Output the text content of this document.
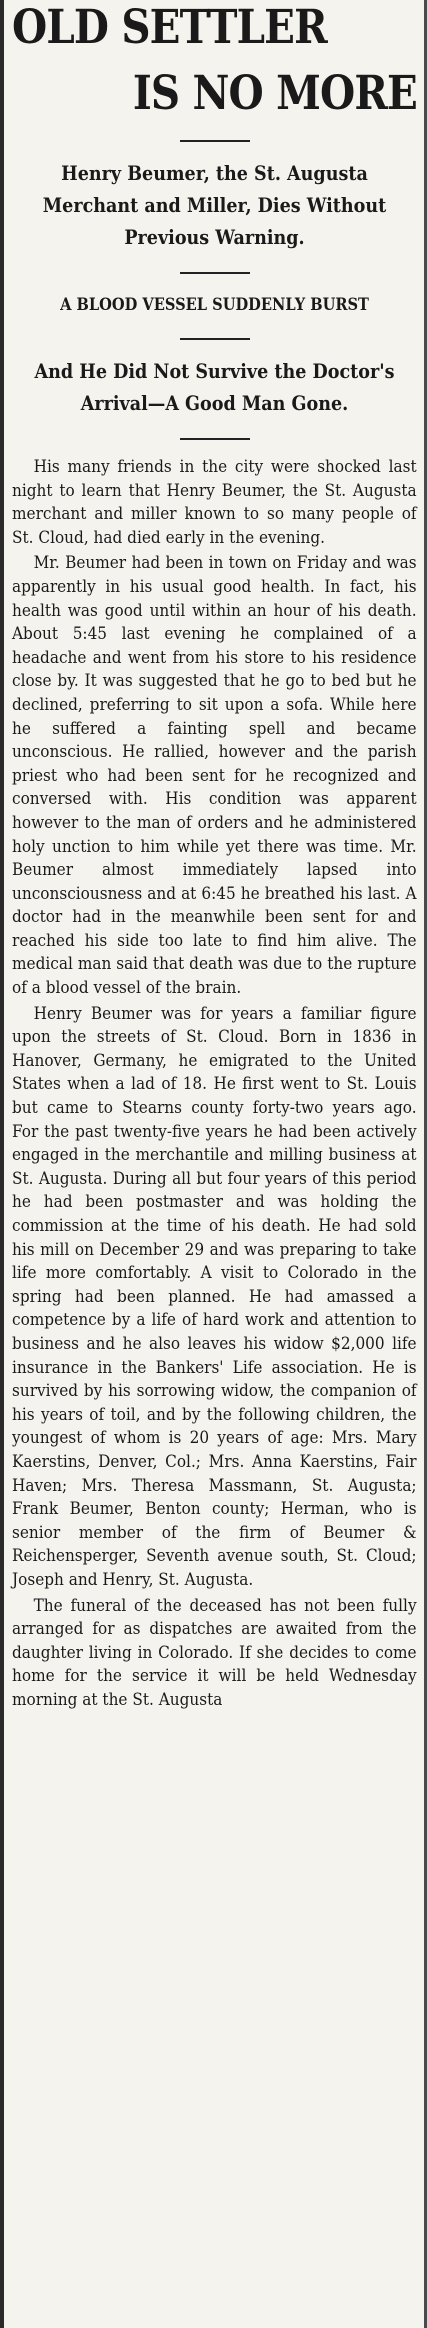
OLD SETTLER
IS NO MORE

Henry Beumer, the St. Augusta Merchant and Miller, Dies Without Previous Warning.

A BLOOD VESSEL SUDDENLY BURST

And He Did Not Survive the Doctor's Arrival—A Good Man Gone.

His many friends in the city were shocked last night to learn that Henry Beumer, the St. Augusta merchant and miller known to so many people of St. Cloud, had died early in the evening.

Mr. Beumer had been in town on Friday and was apparently in his usual good health. In fact, his health was good until within an hour of his death. About 5:45 last evening he complained of a headache and went from his store to his residence close by. It was suggested that he go to bed but he declined, preferring to sit upon a sofa. While here he suffered a fainting spell and became unconscious. He rallied, however and the parish priest who had been sent for he recognized and conversed with. His condition was apparent however to the man of orders and he administered holy unction to him while yet there was time. Mr. Beumer almost immediately lapsed into unconsciousness and at 6:45 he breathed his last. A doctor had in the meanwhile been sent for and reached his side too late to find him alive. The medical man said that death was due to the rupture of a blood vessel of the brain.

Henry Beumer was for years a familiar figure upon the streets of St. Cloud. Born in 1836 in Hanover, Germany, he emigrated to the United States when a lad of 18. He first went to St. Louis but came to Stearns county forty-two years ago. For the past twenty-five years he had been actively engaged in the merchantile and milling business at St. Augusta. During all but four years of this period he had been postmaster and was holding the commission at the time of his death. He had sold his mill on December 29 and was preparing to take life more comfortably. A visit to Colorado in the spring had been planned. He had amassed a competence by a life of hard work and attention to business and he also leaves his widow $2,000 life insurance in the Bankers' Life association. He is survived by his sorrowing widow, the companion of his years of toil, and by the following children, the youngest of whom is 20 years of age: Mrs. Mary Kaerstins, Denver, Col.; Mrs. Anna Kaerstins, Fair Haven; Mrs. Theresa Massmann, St. Augusta; Frank Beumer, Benton county; Herman, who is senior member of the firm of Beumer & Reichensperger, Seventh avenue south, St. Cloud; Joseph and Henry, St. Augusta.

The funeral of the deceased has not been fully arranged for as dispatches are awaited from the daughter living in Colorado. If she decides to come home for the service it will be held Wednesday morning at the St. Augusta
